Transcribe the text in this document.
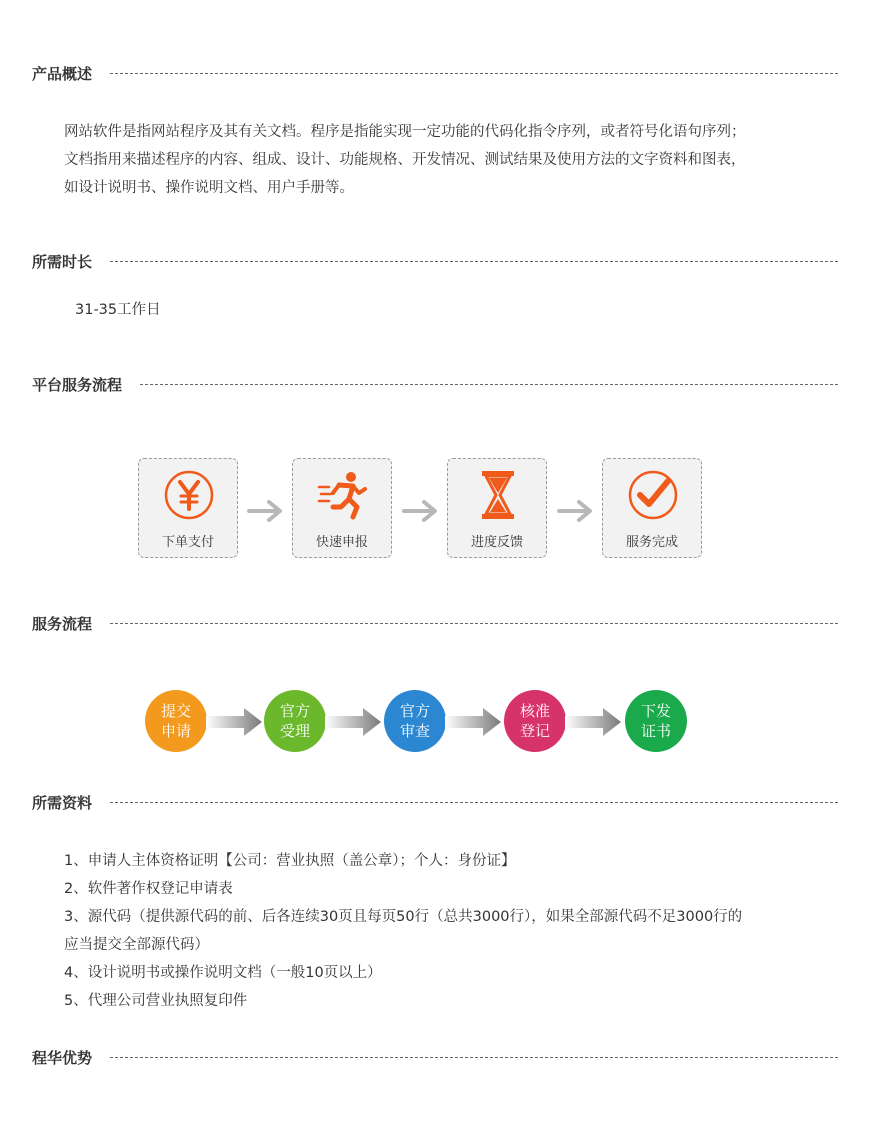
产品概述
网站软件是指网站程序及其有关文档。程序是指能实现一定功能的代码化指令序列，或者符号化语句序列；
文档指用来描述程序的内容、组成、设计、功能规格、开发情况、测试结果及使用方法的文字资料和图表，
如设计说明书、操作说明文档、用户手册等。
所需时长
31-35工作日
平台服务流程
下单支付	快速申报	进度反馈	服务完成
服务流程
提交
申请
官方
受理
官方
审查
核准
登记
下发
证书
所需资料
1、申请人主体资格证明【公司：营业执照（盖公章）；个人：身份证】
2、软件著作权登记申请表
3、源代码（提供源代码的前、后各连续30页且每页50行（总共3000行），如果全部源代码不足3000行的
应当提交全部源代码）
4、设计说明书或操作说明文档（一般10页以上）
5、代理公司营业执照复印件
程华优势
